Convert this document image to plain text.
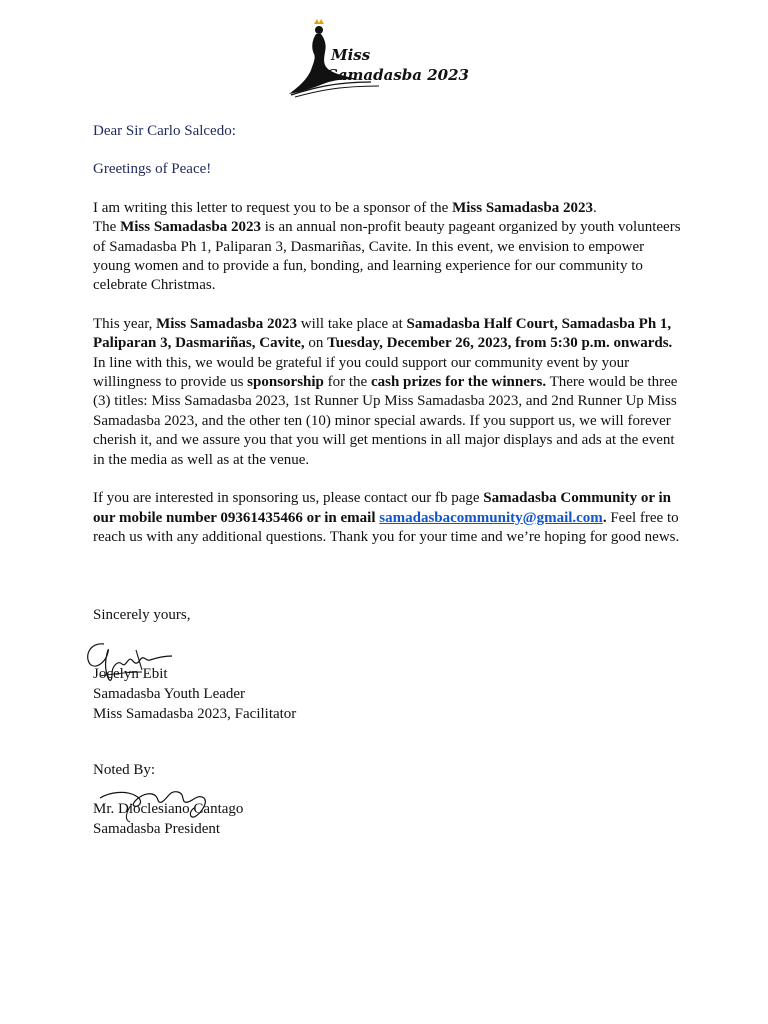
Miss
Samadasba 2023

Dear Sir Carlo Salcedo:

Greetings of Peace!

I am writing this letter to request you to be a sponsor of the Miss Samadasba 2023.
The Miss Samadasba 2023 is an annual non-profit beauty pageant organized by youth volunteers of Samadasba Ph 1, Paliparan 3, Dasmariñas, Cavite. In this event, we envision to empower young women and to provide a fun, bonding, and learning experience for our community to celebrate Christmas.

This year, Miss Samadasba 2023 will take place at Samadasba Half Court, Samadasba Ph 1, Paliparan 3, Dasmariñas, Cavite, on Tuesday, December 26, 2023, from 5:30 p.m. onwards. In line with this, we would be grateful if you could support our community event by your willingness to provide us sponsorship for the cash prizes for the winners. There would be three (3) titles: Miss Samadasba 2023, 1st Runner Up Miss Samadasba 2023, and 2nd Runner Up Miss Samadasba 2023, and the other ten (10) minor special awards. If you support us, we will forever cherish it, and we assure you that you will get mentions in all major displays and ads at the event in the media as well as at the venue.

If you are interested in sponsoring us, please contact our fb page Samadasba Community or in our mobile number 09361435466 or in email samadasbacommunity@gmail.com. Feel free to reach us with any additional questions. Thank you for your time and we’re hoping for good news.

Sincerely yours,
Jocelyn Ebit
Samadasba Youth Leader
Miss Samadasba 2023, Facilitator
Noted By:
Mr. Dioclesiano Cantago
Samadasba President
